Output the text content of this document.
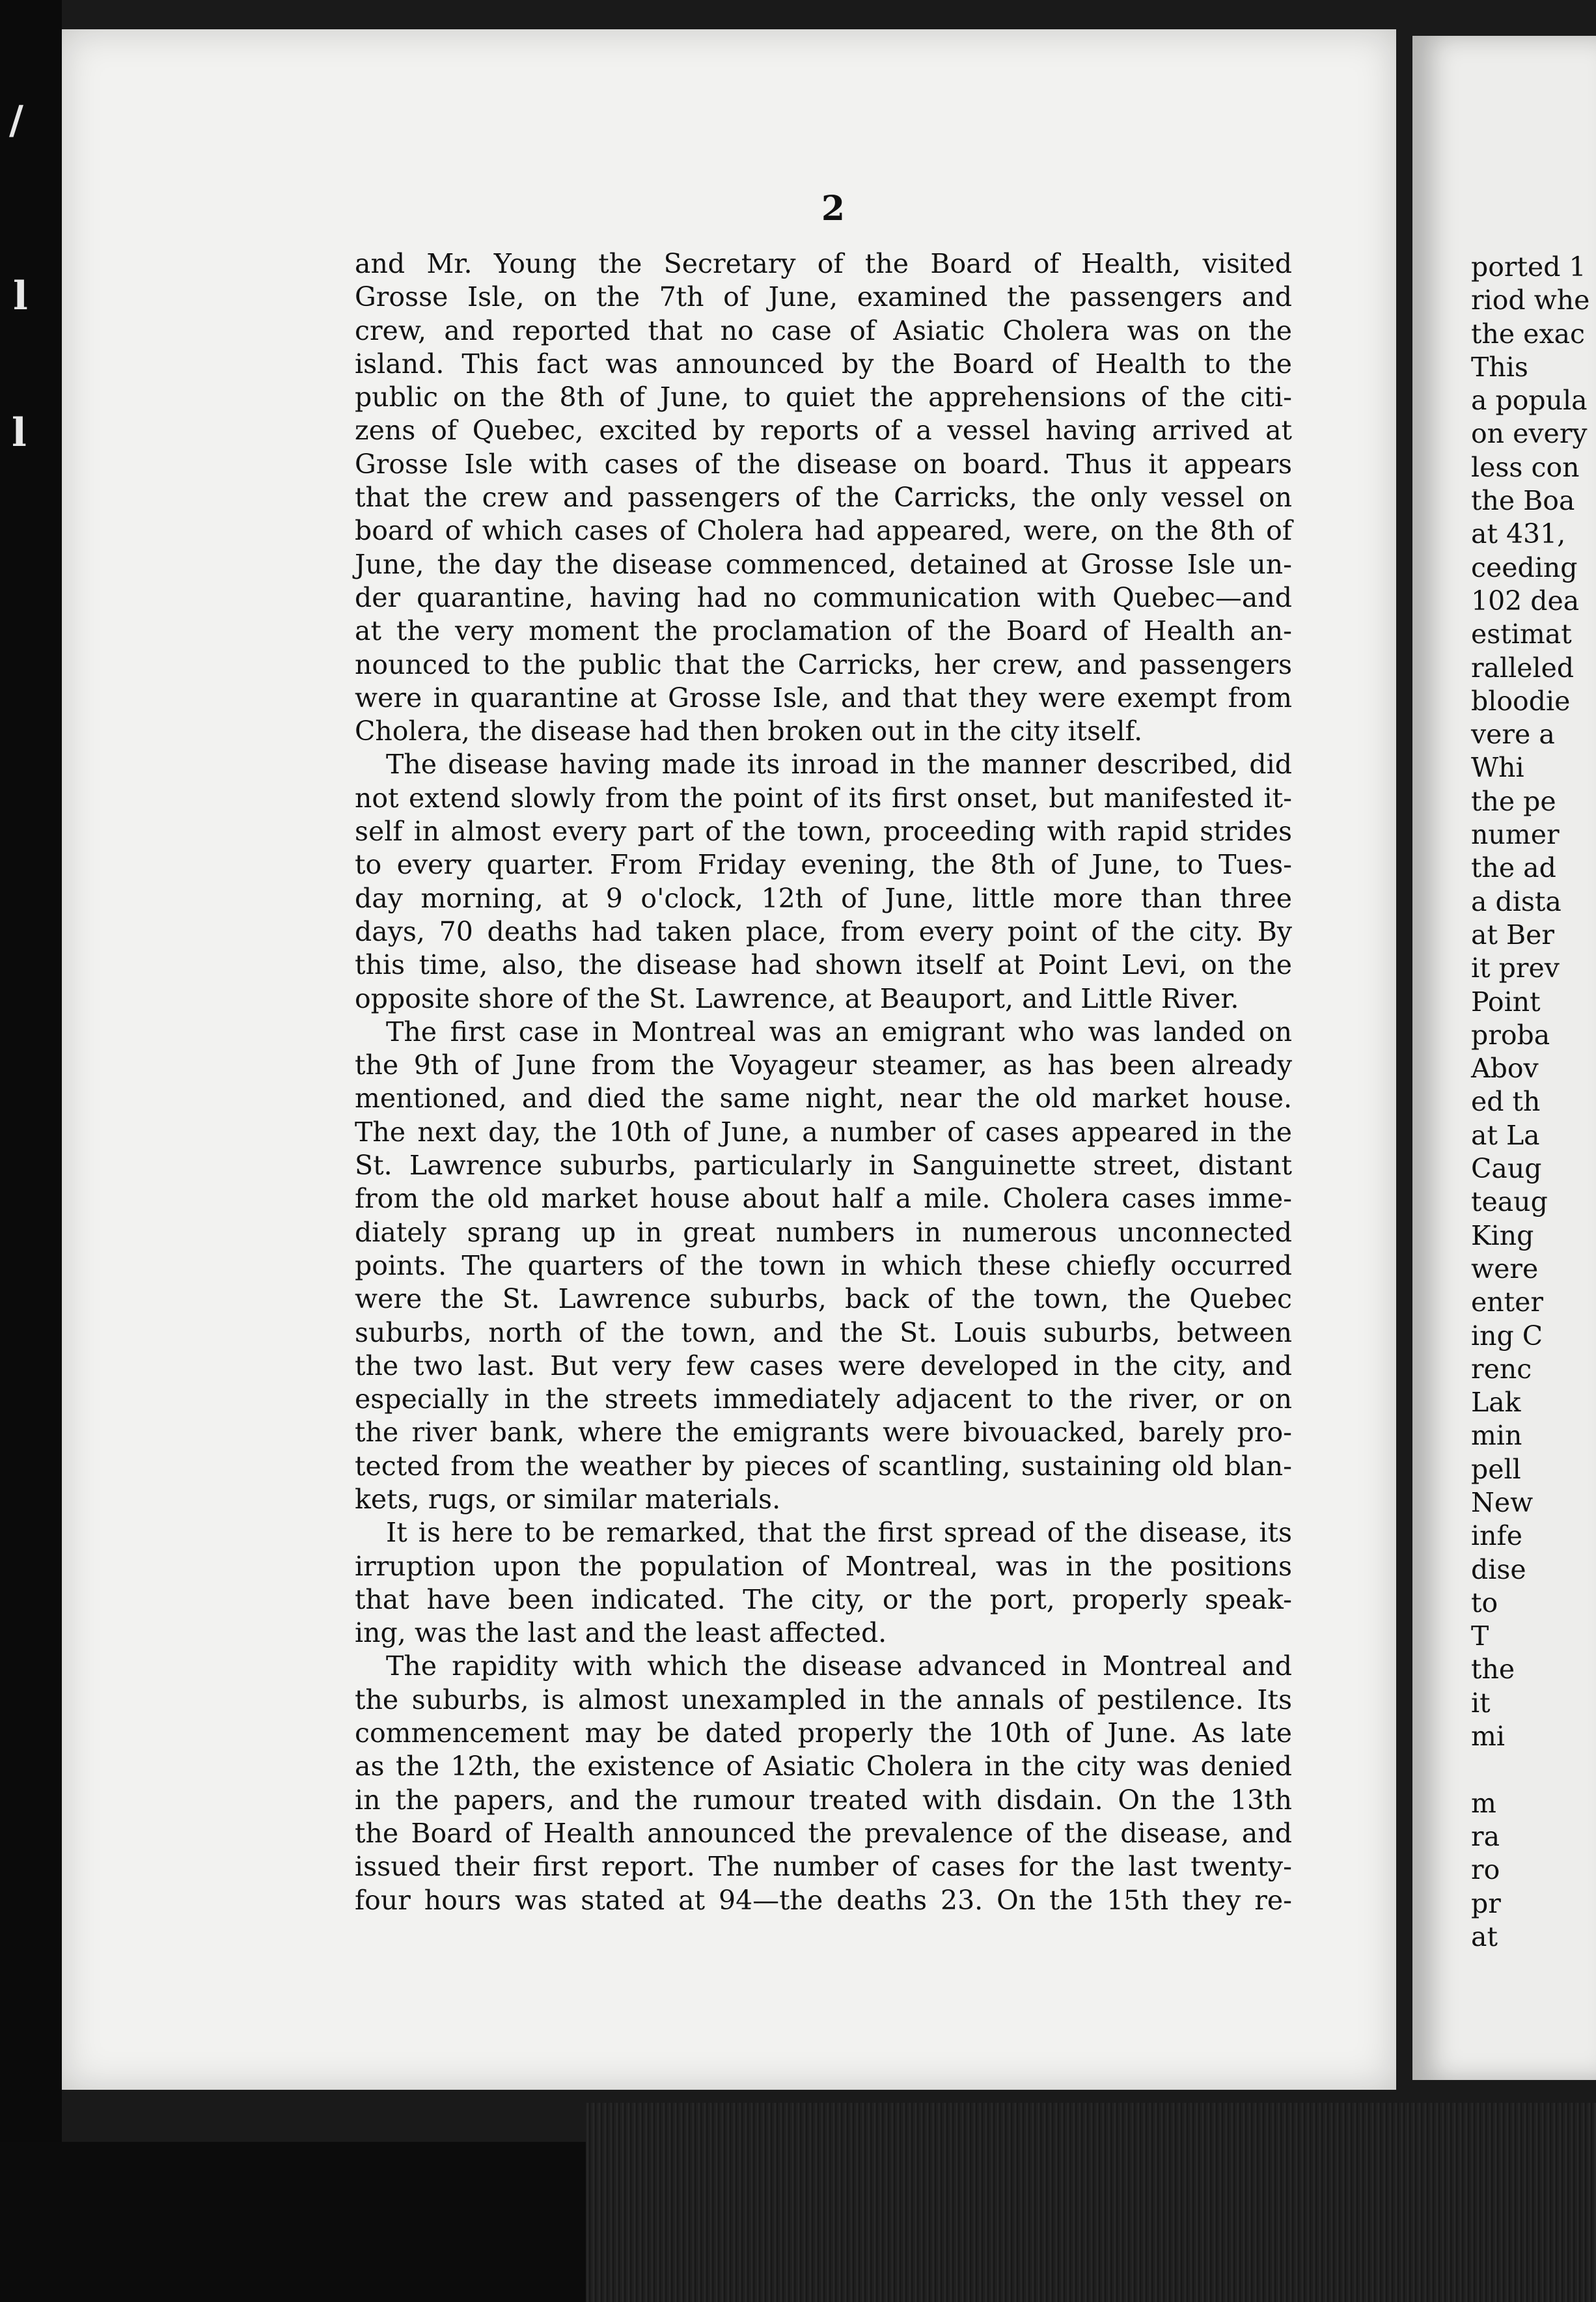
/
l
l
2
and Mr. Young the Secretary of the Board of Health, visited
Grosse Isle, on the 7th of June, examined the passengers and
crew, and reported that no case of Asiatic Cholera was on the
island. This fact was announced by the Board of Health to the
public on the 8th of June, to quiet the apprehensions of the citi-
zens of Quebec, excited by reports of a vessel having arrived at
Grosse Isle with cases of the disease on board. Thus it appears
that the crew and passengers of the Carricks, the only vessel on
board of which cases of Cholera had appeared, were, on the 8th of
June, the day the disease commenced, detained at Grosse Isle un-
der quarantine, having had no communication with Quebec—and
at the very moment the proclamation of the Board of Health an-
nounced to the public that the Carricks, her crew, and passengers
were in quarantine at Grosse Isle, and that they were exempt from
Cholera, the disease had then broken out in the city itself.
The disease having made its inroad in the manner described, did
not extend slowly from the point of its first onset, but manifested it-
self in almost every part of the town, proceeding with rapid strides
to every quarter. From Friday evening, the 8th of June, to Tues-
day morning, at 9 o'clock, 12th of June, little more than three
days, 70 deaths had taken place, from every point of the city. By
this time, also, the disease had shown itself at Point Levi, on the
opposite shore of the St. Lawrence, at Beauport, and Little River.
The first case in Montreal was an emigrant who was landed on
the 9th of June from the Voyageur steamer, as has been already
mentioned, and died the same night, near the old market house.
The next day, the 10th of June, a number of cases appeared in the
St. Lawrence suburbs, particularly in Sanguinette street, distant
from the old market house about half a mile. Cholera cases imme-
diately sprang up in great numbers in numerous unconnected
points. The quarters of the town in which these chiefly occurred
were the St. Lawrence suburbs, back of the town, the Quebec
suburbs, north of the town, and the St. Louis suburbs, between
the two last. But very few cases were developed in the city, and
especially in the streets immediately adjacent to the river, or on
the river bank, where the emigrants were bivouacked, barely pro-
tected from the weather by pieces of scantling, sustaining old blan-
kets, rugs, or similar materials.
It is here to be remarked, that the first spread of the disease, its
irruption upon the population of Montreal, was in the positions
that have been indicated. The city, or the port, properly speak-
ing, was the last and the least affected.
The rapidity with which the disease advanced in Montreal and
the suburbs, is almost unexampled in the annals of pestilence. Its
commencement may be dated properly the 10th of June. As late
as the 12th, the existence of Asiatic Cholera in the city was denied
in the papers, and the rumour treated with disdain. On the 13th
the Board of Health announced the prevalence of the disease, and
issued their first report. The number of cases for the last twenty-
four hours was stated at 94—the deaths 23. On the 15th they re-
ported 1
riod whe
the exac
This
a popula
on every
less con
the Boa
at 431,
ceeding
102 dea
estimat
ralleled
bloodie
vere a
Whi
the pe
numer
the ad
a dista
at Ber
it prev
Point
proba
Abov
ed th
at La
Caug
teaug
King
were
enter
ing C
renc
Lak
min
pell
New
infe
dise
to
T
the
it
mi
m
ra
ro
pr
at
